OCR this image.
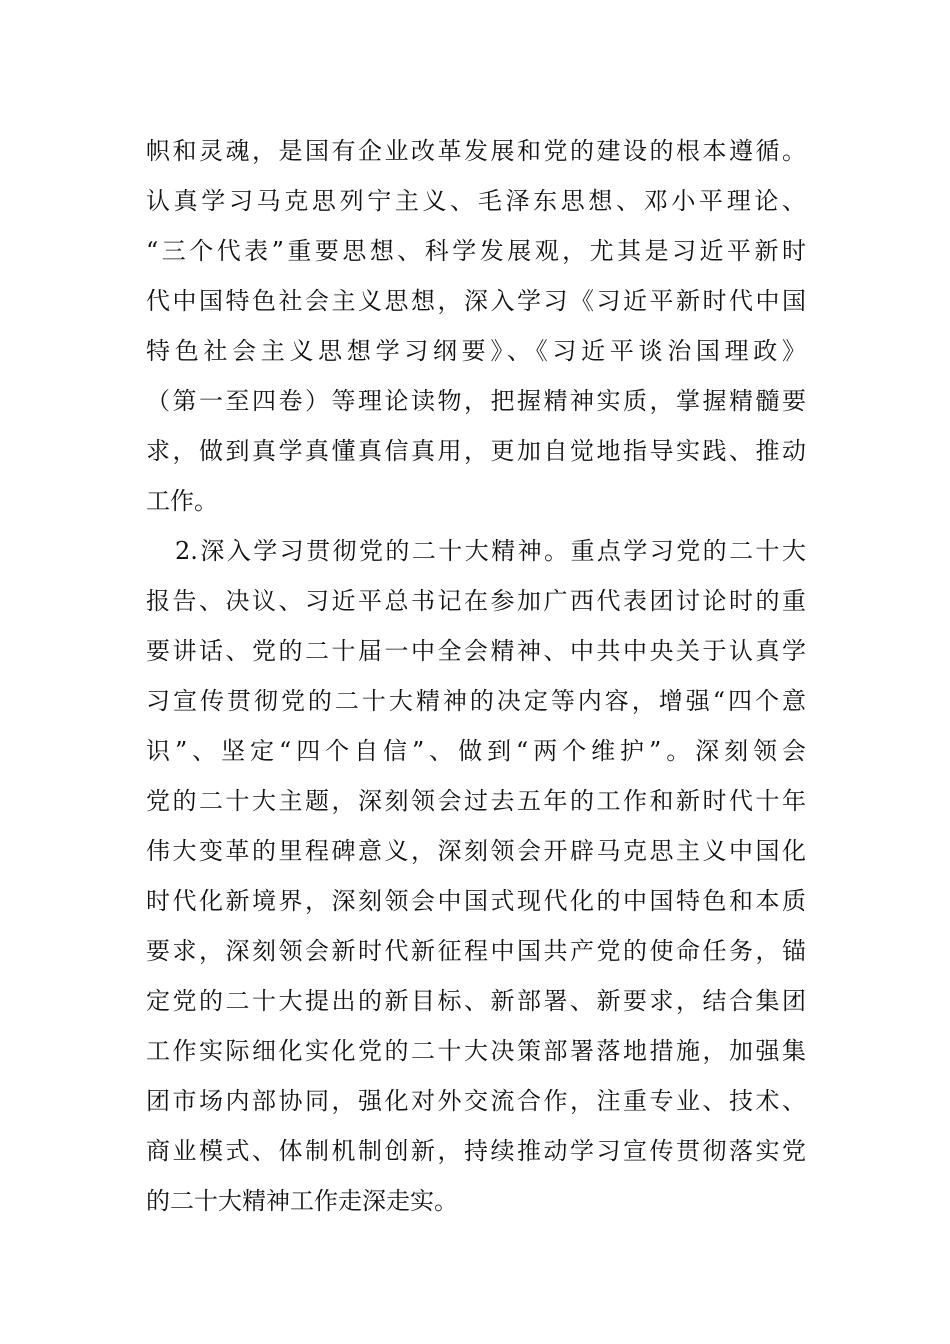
帜和灵魂，是国有企业改革发展和党的建设的根本遵循。
认真学习马克思列宁主义、毛泽东思想、邓小平理论、
“三个代表”重要思想、科学发展观，尤其是习近平新时
代中国特色社会主义思想，深入学习《习近平新时代中国
特色社会主义思想学习纲要》、《习近平谈治国理政》
（第一至四卷）等理论读物，把握精神实质，掌握精髓要
求，做到真学真懂真信真用，更加自觉地指导实践、推动
工作。
2.深入学习贯彻党的二十大精神。重点学习党的二十大
报告、决议、习近平总书记在参加广西代表团讨论时的重
要讲话、党的二十届一中全会精神、中共中央关于认真学
习宣传贯彻党的二十大精神的决定等内容，增强“四个意
识”、坚定“四个自信”、做到“两个维护”。深刻领会
党的二十大主题，深刻领会过去五年的工作和新时代十年
伟大变革的里程碑意义，深刻领会开辟马克思主义中国化
时代化新境界，深刻领会中国式现代化的中国特色和本质
要求，深刻领会新时代新征程中国共产党的使命任务，锚
定党的二十大提出的新目标、新部署、新要求，结合集团
工作实际细化实化党的二十大决策部署落地措施，加强集
团市场内部协同，强化对外交流合作，注重专业、技术、
商业模式、体制机制创新，持续推动学习宣传贯彻落实党
的二十大精神工作走深走实。
